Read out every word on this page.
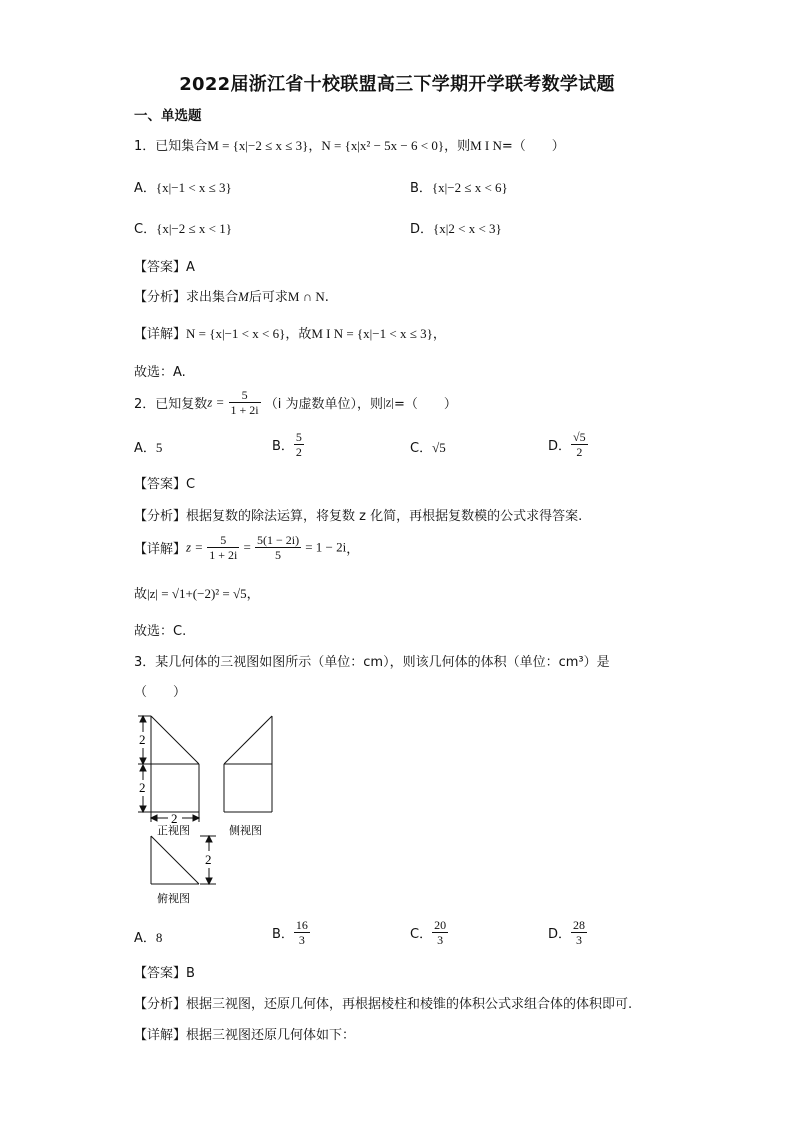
2022届浙江省十校联盟高三下学期开学联考数学试题
一、单选题
1．已知集合M = {x|−2 ≤ x ≤ 3}，N = {x|x² − 5x − 6 < 0}，则M I N=（　　）
A．{x|−1 < x ≤ 3}	B．{x|−2 ≤ x < 6}
C．{x|−2 ≤ x < 1}	D．{x|2 < x < 3}
【答案】A
【分析】求出集合M后可求M ∩ N.
【详解】N = {x|−1 < x < 6}，故M I N = {x|−1 < x ≤ 3}，
故选：A.
2．已知复数$z = \frac{5}{1 + 2i} (i$ 为虚数单位），则|z|=（　　）
A．5	B． $\frac{5}{2}$	C．√5	D． $\frac{√5}{2}$
【答案】C
【分析】根据复数的除法运算，将复数 z 化简，再根据复数模的公式求得答案.
【详解】$z = \frac{5}{1 + 2i} = \frac{5(1 - 2i)}{5} = 1 - 2i$，
故|z| = √1+(−2)² = √5，
故选：C.
3．某几何体的三视图如图所示（单位：cm），则该几何体的体积（单位：cm³）是
（　　）
2
2
2
2
正视图	侧视图
俯视图
A．8	B． $\frac{16}{3}$	C． $\frac{20}{3}$	D． $\frac{28}{3}$
【答案】B
【分析】根据三视图，还原几何体，再根据棱柱和棱锥的体积公式求组合体的体积即可.
【详解】根据三视图还原几何体如下：
